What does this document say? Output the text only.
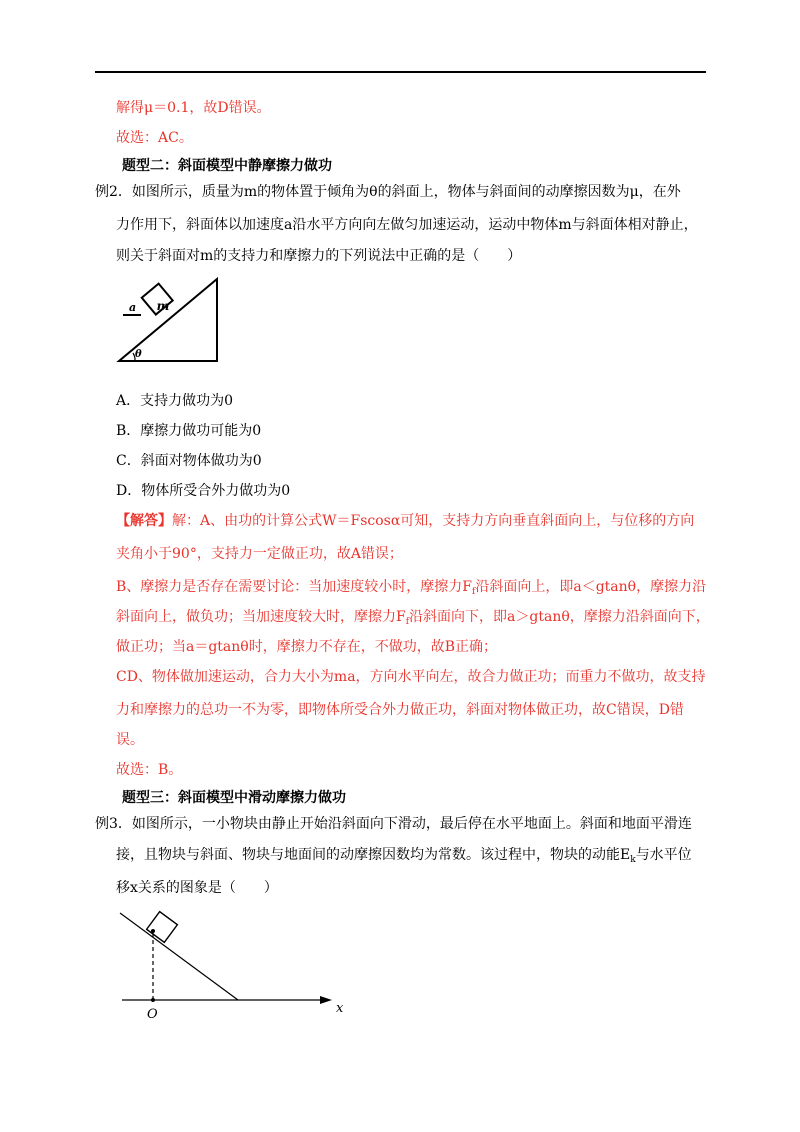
解得μ＝0.1，故D错误。
故选：AC。
题型二：斜面模型中静摩擦力做功
例2．如图所示，质量为m的物体置于倾角为θ的斜面上，物体与斜面间的动摩擦因数为μ，在外
力作用下，斜面体以加速度a沿水平方向向左做匀加速运动，运动中物体m与斜面体相对静止，
则关于斜面对m的支持力和摩擦力的下列说法中正确的是（　　）
m
a
θ
A．支持力做功为0
B．摩擦力做功可能为0
C．斜面对物体做功为0
D．物体所受合外力做功为0
【解答】解：A、由功的计算公式W＝Fscosα可知，支持力方向垂直斜面向上，与位移的方向
夹角小于90°，支持力一定做正功，故A错误；
B、摩擦力是否存在需要讨论：当加速度较小时，摩擦力$F_f$沿斜面向上，即a＜gtanθ，摩擦力沿
斜面向上，做负功；当加速度较大时，摩擦力$F_f$沿斜面向下，即a＞gtanθ，摩擦力沿斜面向下，
做正功；当a＝gtanθ时，摩擦力不存在，不做功，故B正确；
CD、物体做加速运动，合力大小为ma，方向水平向左，故合力做正功；而重力不做功，故支持
力和摩擦力的总功一不为零，即物体所受合外力做正功，斜面对物体做正功，故C错误，D错
误。
故选：B。
题型三：斜面模型中滑动摩擦力做功
例3．如图所示，一小物块由静止开始沿斜面向下滑动，最后停在水平地面上。斜面和地面平滑连
接，且物块与斜面、物块与地面间的动摩擦因数均为常数。该过程中，物块的动能$E_k$与水平位
移x关系的图象是（　　）
O	x
